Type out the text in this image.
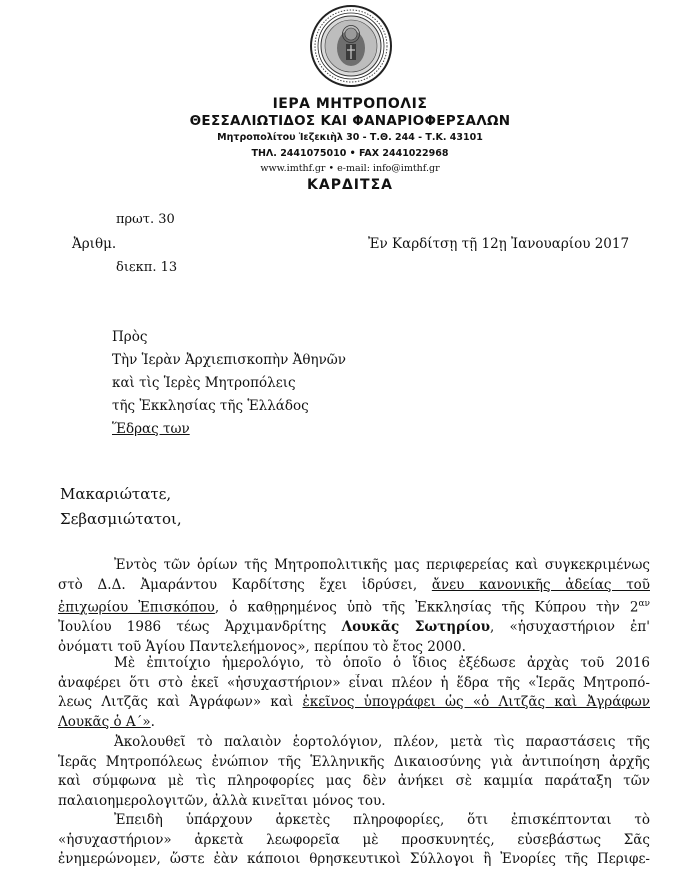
ΙΕΡΑ ΜΗΤΡΟΠΟΛΙΣ
ΘΕΣΣΑΛΙΩΤΙΔΟΣ ΚΑΙ ΦΑΝΑΡΙΟΦΕΡΣΑΛΩΝ
Μητροπολίτου Ἰεζεκιὴλ 30 - Τ.Θ. 244 - Τ.Κ. 43101
ΤΗΛ. 2441075010 • FAX 2441022968
www.imthf.gr • e-mail: info@imthf.gr
ΚΑΡΔΙΤΣΑ
πρωτ. 30
Ἀριθμ.
διεκπ. 13
Ἐν Καρδίτσῃ τῇ 12ῃ Ἰανουαρίου 2017
Πρὸς
Τὴν Ἱερὰν Ἀρχιεπισκοπὴν Ἀθηνῶν
καὶ τὶς Ἱερὲς Μητροπόλεις
τῆς Ἐκκλησίας τῆς Ἑλλάδος
Ἕδρας των
Μακαριώτατε,
Σεβασμιώτατοι,
Ἐντὸς τῶν ὁρίων τῆς Μητροπολιτικῆς μας περιφερείας καὶ συγκεκριμένως
στὸ Δ.Δ. Ἀμαράντου Καρδίτσης ἔχει ἱδρύσει, ἄνευ κανονικῆς ἀδείας τοῦ
ἐπιχωρίου Ἐπισκόπου, ὁ καθῃρημένος ὑπὸ τῆς Ἐκκλησίας τῆς Κύπρου τὴν $2^{\alpha\nu}$
Ἰουλίου 1986 τέως Ἀρχιμανδρίτης Λουκᾶς Σωτηρίου, «ἡσυχαστήριον ἐπ'
ὀνόματι τοῦ Ἁγίου Παντελεήμονος», περίπου τὸ ἔτος 2000.
Μὲ ἐπιτοίχιο ἡμερολόγιο, τὸ ὁποῖο ὁ ἴδιος ἐξέδωσε ἀρχὰς τοῦ 2016
ἀναφέρει ὅτι στὸ ἐκεῖ «ἡσυχαστήριον» εἶναι πλέον ἡ ἕδρα τῆς «Ἱερᾶς Μητροπό-
λεως Λιτζᾶς καὶ Ἀγράφων» καὶ ἐκεῖνος ὑπογράφει ὡς «ὁ Λιτζᾶς καὶ Ἀγράφων
Λουκᾶς ὁ Α΄».
Ἀκολουθεῖ τὸ παλαιὸν ἑορτολόγιον, πλέον, μετὰ τὶς παραστάσεις τῆς
Ἱερᾶς Μητροπόλεως ἐνώπιον τῆς Ἑλληνικῆς Δικαιοσύνης γιὰ ἀντιποίηση ἀρχῆς
καὶ σύμφωνα μὲ τὶς πληροφορίες μας δὲν ἀνήκει σὲ καμμία παράταξη τῶν
παλαιοημερολογιτῶν, ἀλλὰ κινεῖται μόνος του.
Ἐπειδὴ ὑπάρχουν ἀρκετὲς πληροφορίες, ὅτι ἐπισκέπτονται τὸ
«ἡσυχαστήριον» ἀρκετὰ λεωφορεῖα μὲ προσκυνητές, εὐσεβάστως Σᾶς
ἐνημερώνομεν, ὥστε ἐὰν κάποιοι θρησκευτικοὶ Σύλλογοι ἢ Ἐνορίες τῆς Περιφε-
